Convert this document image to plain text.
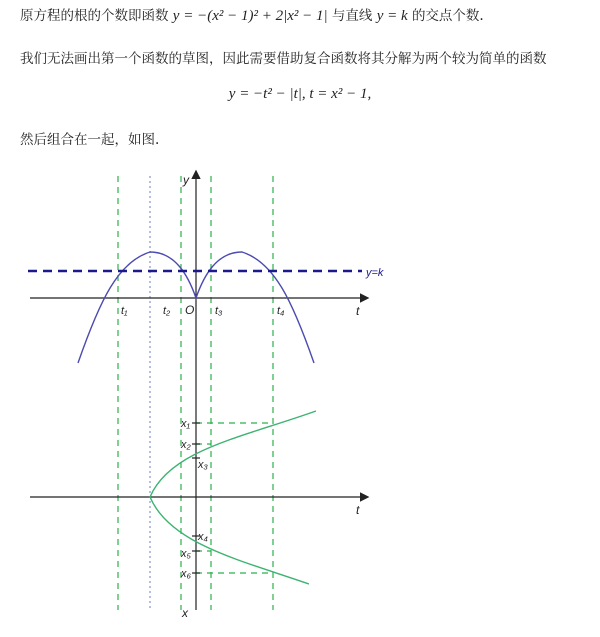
原方程的根的个数即函数 y = −(x² − 1)² + 2|x² − 1| 与直线 y = k 的交点个数.
我们无法画出第一个函数的草图，因此需要借助复合函数将其分解为两个较为简单的函数
y = −t² − |t|, t = x² − 1,
然后组合在一起，如图.
y
t
O
y=k
t₁	t₂	t₃	t₄
t
x
x₁
x₂
x₃
x₄
x₅
x₆
